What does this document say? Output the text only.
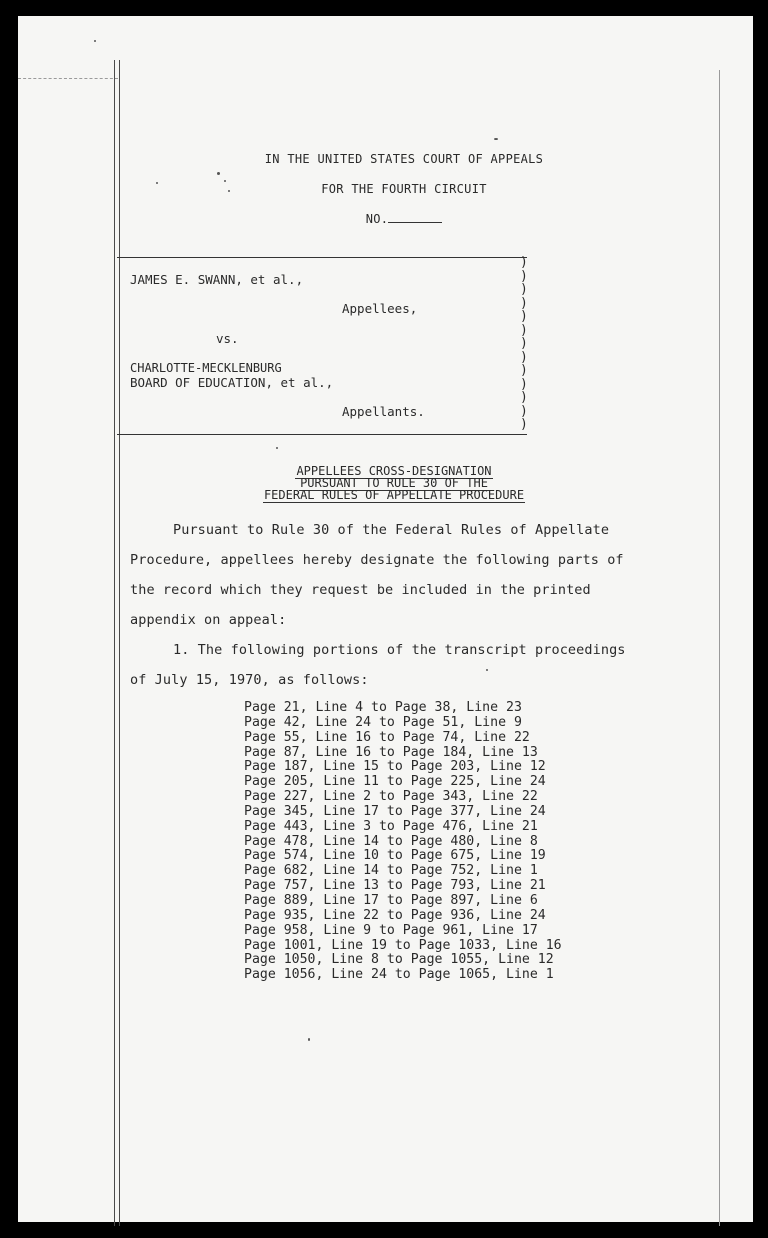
IN THE UNITED STATES COURT OF APPEALS
FOR THE FOURTH CIRCUIT
NO.
)
)
)
)
)
)
)
)
)
)
)
)
)
JAMES E. SWANN, et al.,
Appellees,
vs.
CHARLOTTE-MECKLENBURG
BOARD OF EDUCATION, et al.,
Appellants.
APPELLEES CROSS-DESIGNATION
PURSUANT TO RULE 30 OF THE
FEDERAL RULES OF APPELLATE PROCEDURE
Pursuant to Rule 30 of the Federal Rules of Appellate
Procedure, appellees hereby designate the following parts of
the record which they request be included in the printed
appendix on appeal:
1. The following portions of the transcript proceedings
of July 15, 1970, as follows:
Page 21, Line 4 to Page 38, Line 23
Page 42, Line 24 to Page 51, Line 9
Page 55, Line 16 to Page 74, Line 22
Page 87, Line 16 to Page 184, Line 13
Page 187, Line 15 to Page 203, Line 12
Page 205, Line 11 to Page 225, Line 24
Page 227, Line 2 to Page 343, Line 22
Page 345, Line 17 to Page 377, Line 24
Page 443, Line 3 to Page 476, Line 21
Page 478, Line 14 to Page 480, Line 8
Page 574, Line 10 to Page 675, Line 19
Page 682, Line 14 to Page 752, Line 1
Page 757, Line 13 to Page 793, Line 21
Page 889, Line 17 to Page 897, Line 6
Page 935, Line 22 to Page 936, Line 24
Page 958, Line 9 to Page 961, Line 17
Page 1001, Line 19 to Page 1033, Line 16
Page 1050, Line 8 to Page 1055, Line 12
Page 1056, Line 24 to Page 1065, Line 1
